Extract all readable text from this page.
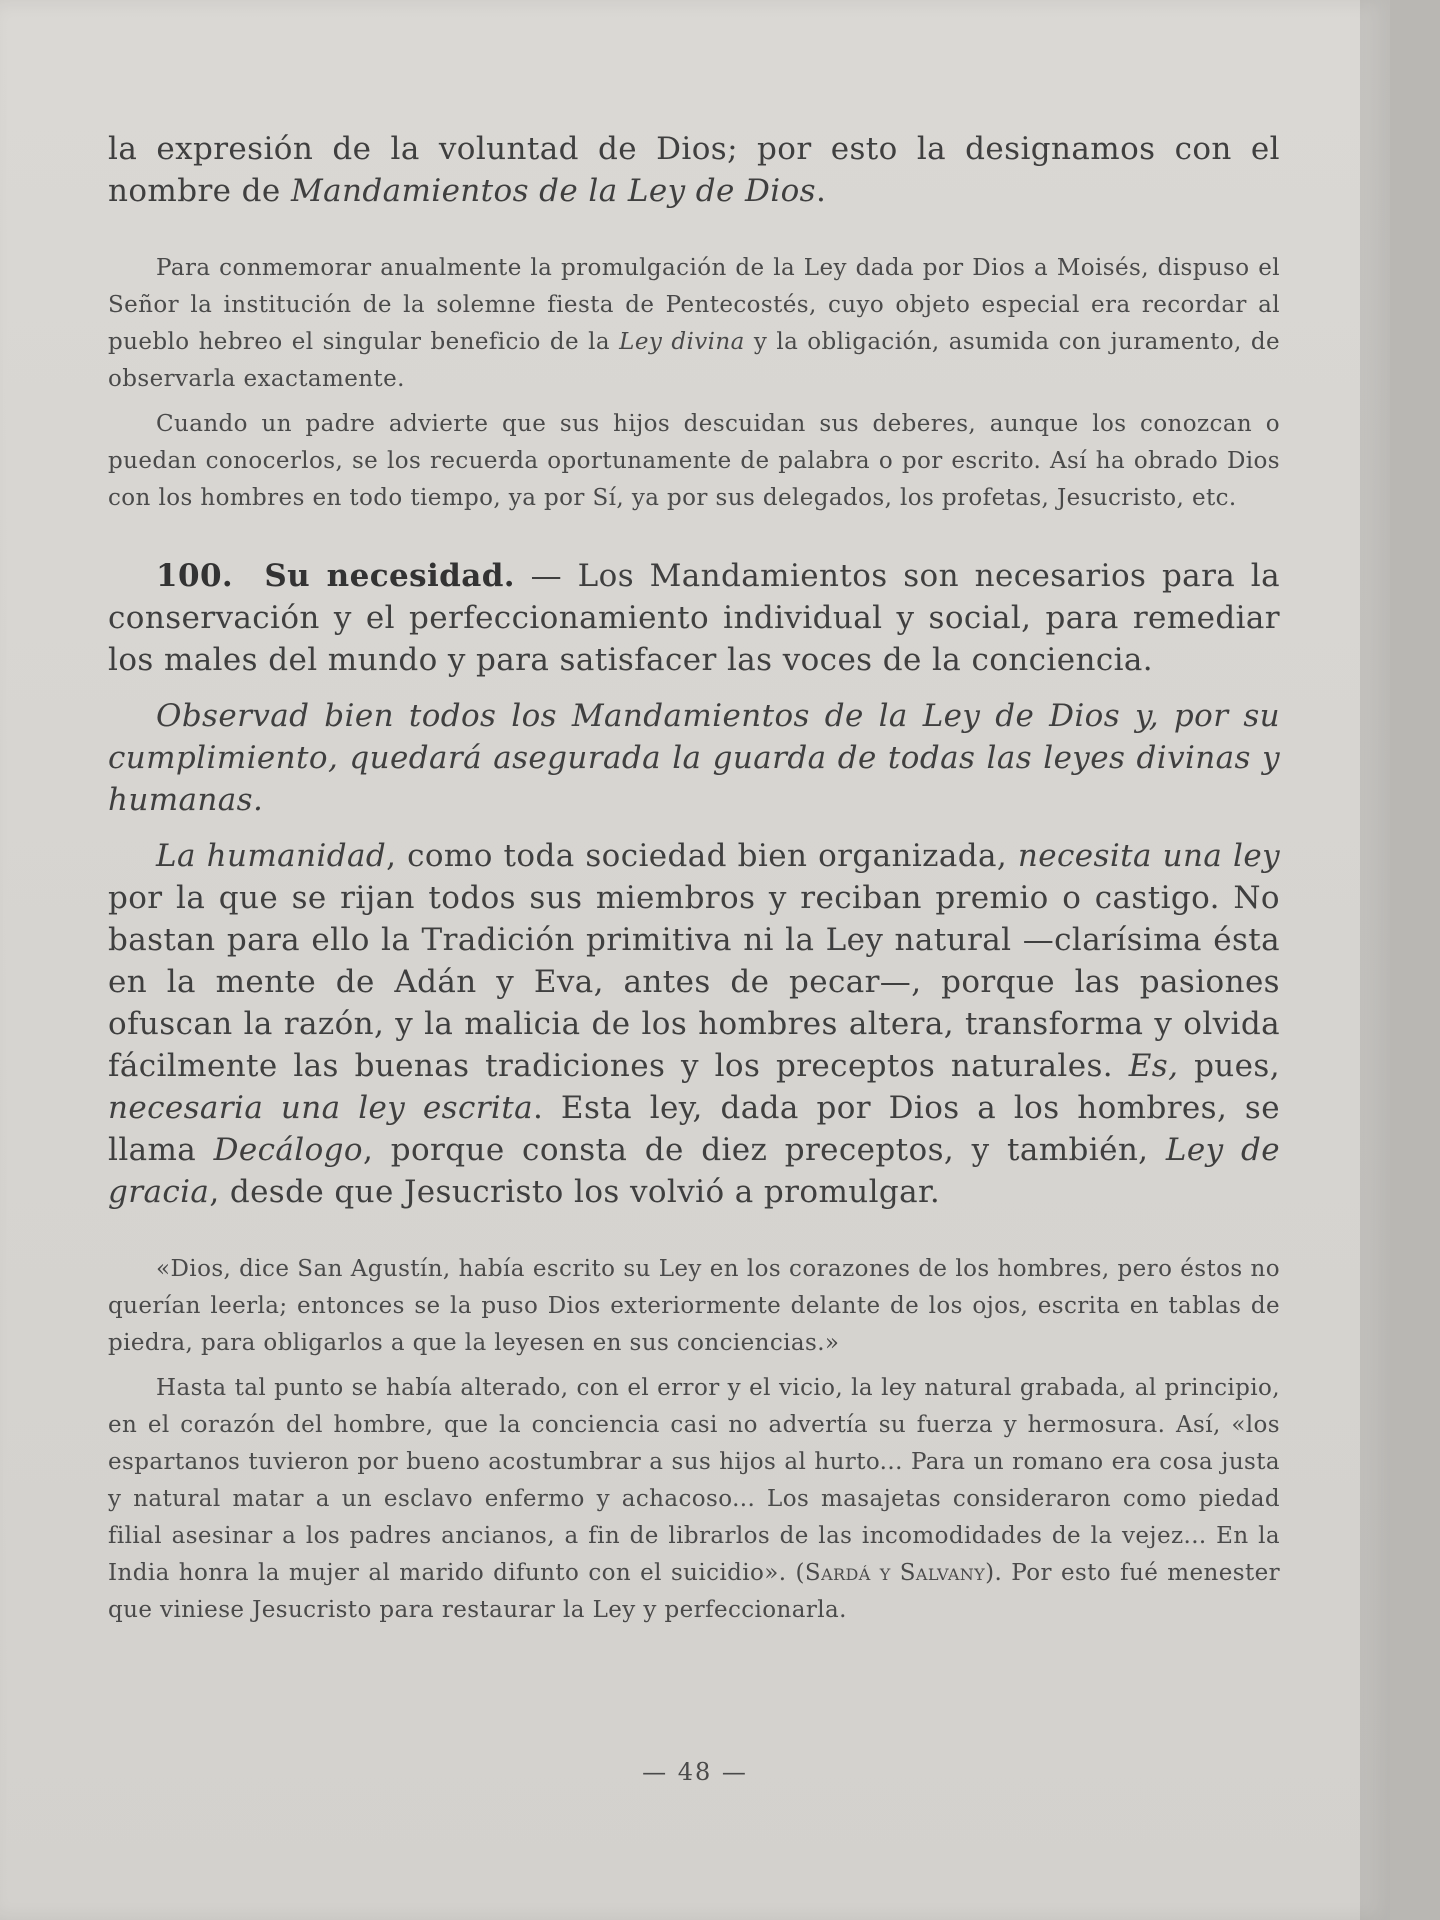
la expresión de la voluntad de Dios; por esto la designamos con el nombre de Mandamientos de la Ley de Dios.

Para conmemorar anualmente la promulgación de la Ley dada por Dios a Moisés, dispuso el Señor la institución de la solemne fiesta de Pentecostés, cuyo objeto especial era recordar al pueblo hebreo el singular beneficio de la Ley divina y la obligación, asumida con juramento, de observarla exactamente.

Cuando un padre advierte que sus hijos descuidan sus deberes, aunque los conozcan o puedan conocerlos, se los recuerda oportunamente de palabra o por escrito. Así ha obrado Dios con los hombres en todo tiempo, ya por Sí, ya por sus delegados, los profetas, Jesucristo, etc.

100. Su necesidad. — Los Mandamientos son necesarios para la conservación y el perfeccionamiento individual y social, para remediar los males del mundo y para satisfacer las voces de la conciencia.

Observad bien todos los Mandamientos de la Ley de Dios y, por su cumplimiento, quedará asegurada la guarda de todas las leyes divinas y humanas.

La humanidad, como toda sociedad bien organizada, necesita una ley por la que se rijan todos sus miembros y reciban premio o castigo. No bastan para ello la Tradición primitiva ni la Ley natural —clarísima ésta en la mente de Adán y Eva, antes de pecar—, porque las pasiones ofuscan la razón, y la malicia de los hombres altera, transforma y olvida fácilmente las buenas tradiciones y los preceptos naturales. Es, pues, necesaria una ley escrita. Esta ley, dada por Dios a los hombres, se llama Decálogo, porque consta de diez preceptos, y también, Ley de gracia, desde que Jesucristo los volvió a promulgar.

«Dios, dice San Agustín, había escrito su Ley en los corazones de los hombres, pero éstos no querían leerla; entonces se la puso Dios exteriormente delante de los ojos, escrita en tablas de piedra, para obligarlos a que la leyesen en sus conciencias.»

Hasta tal punto se había alterado, con el error y el vicio, la ley natural grabada, al principio, en el corazón del hombre, que la conciencia casi no advertía su fuerza y hermosura. Así, «los espartanos tuvieron por bueno acostumbrar a sus hijos al hurto... Para un romano era cosa justa y natural matar a un esclavo enfermo y achacoso... Los masajetas consideraron como piedad filial asesinar a los padres ancianos, a fin de librarlos de las incomodidades de la vejez... En la India honra la mujer al marido difunto con el suicidio». (Sardá y Salvany). Por esto fué menester que viniese Jesucristo para restaurar la Ley y perfeccionarla.

— 48 —
